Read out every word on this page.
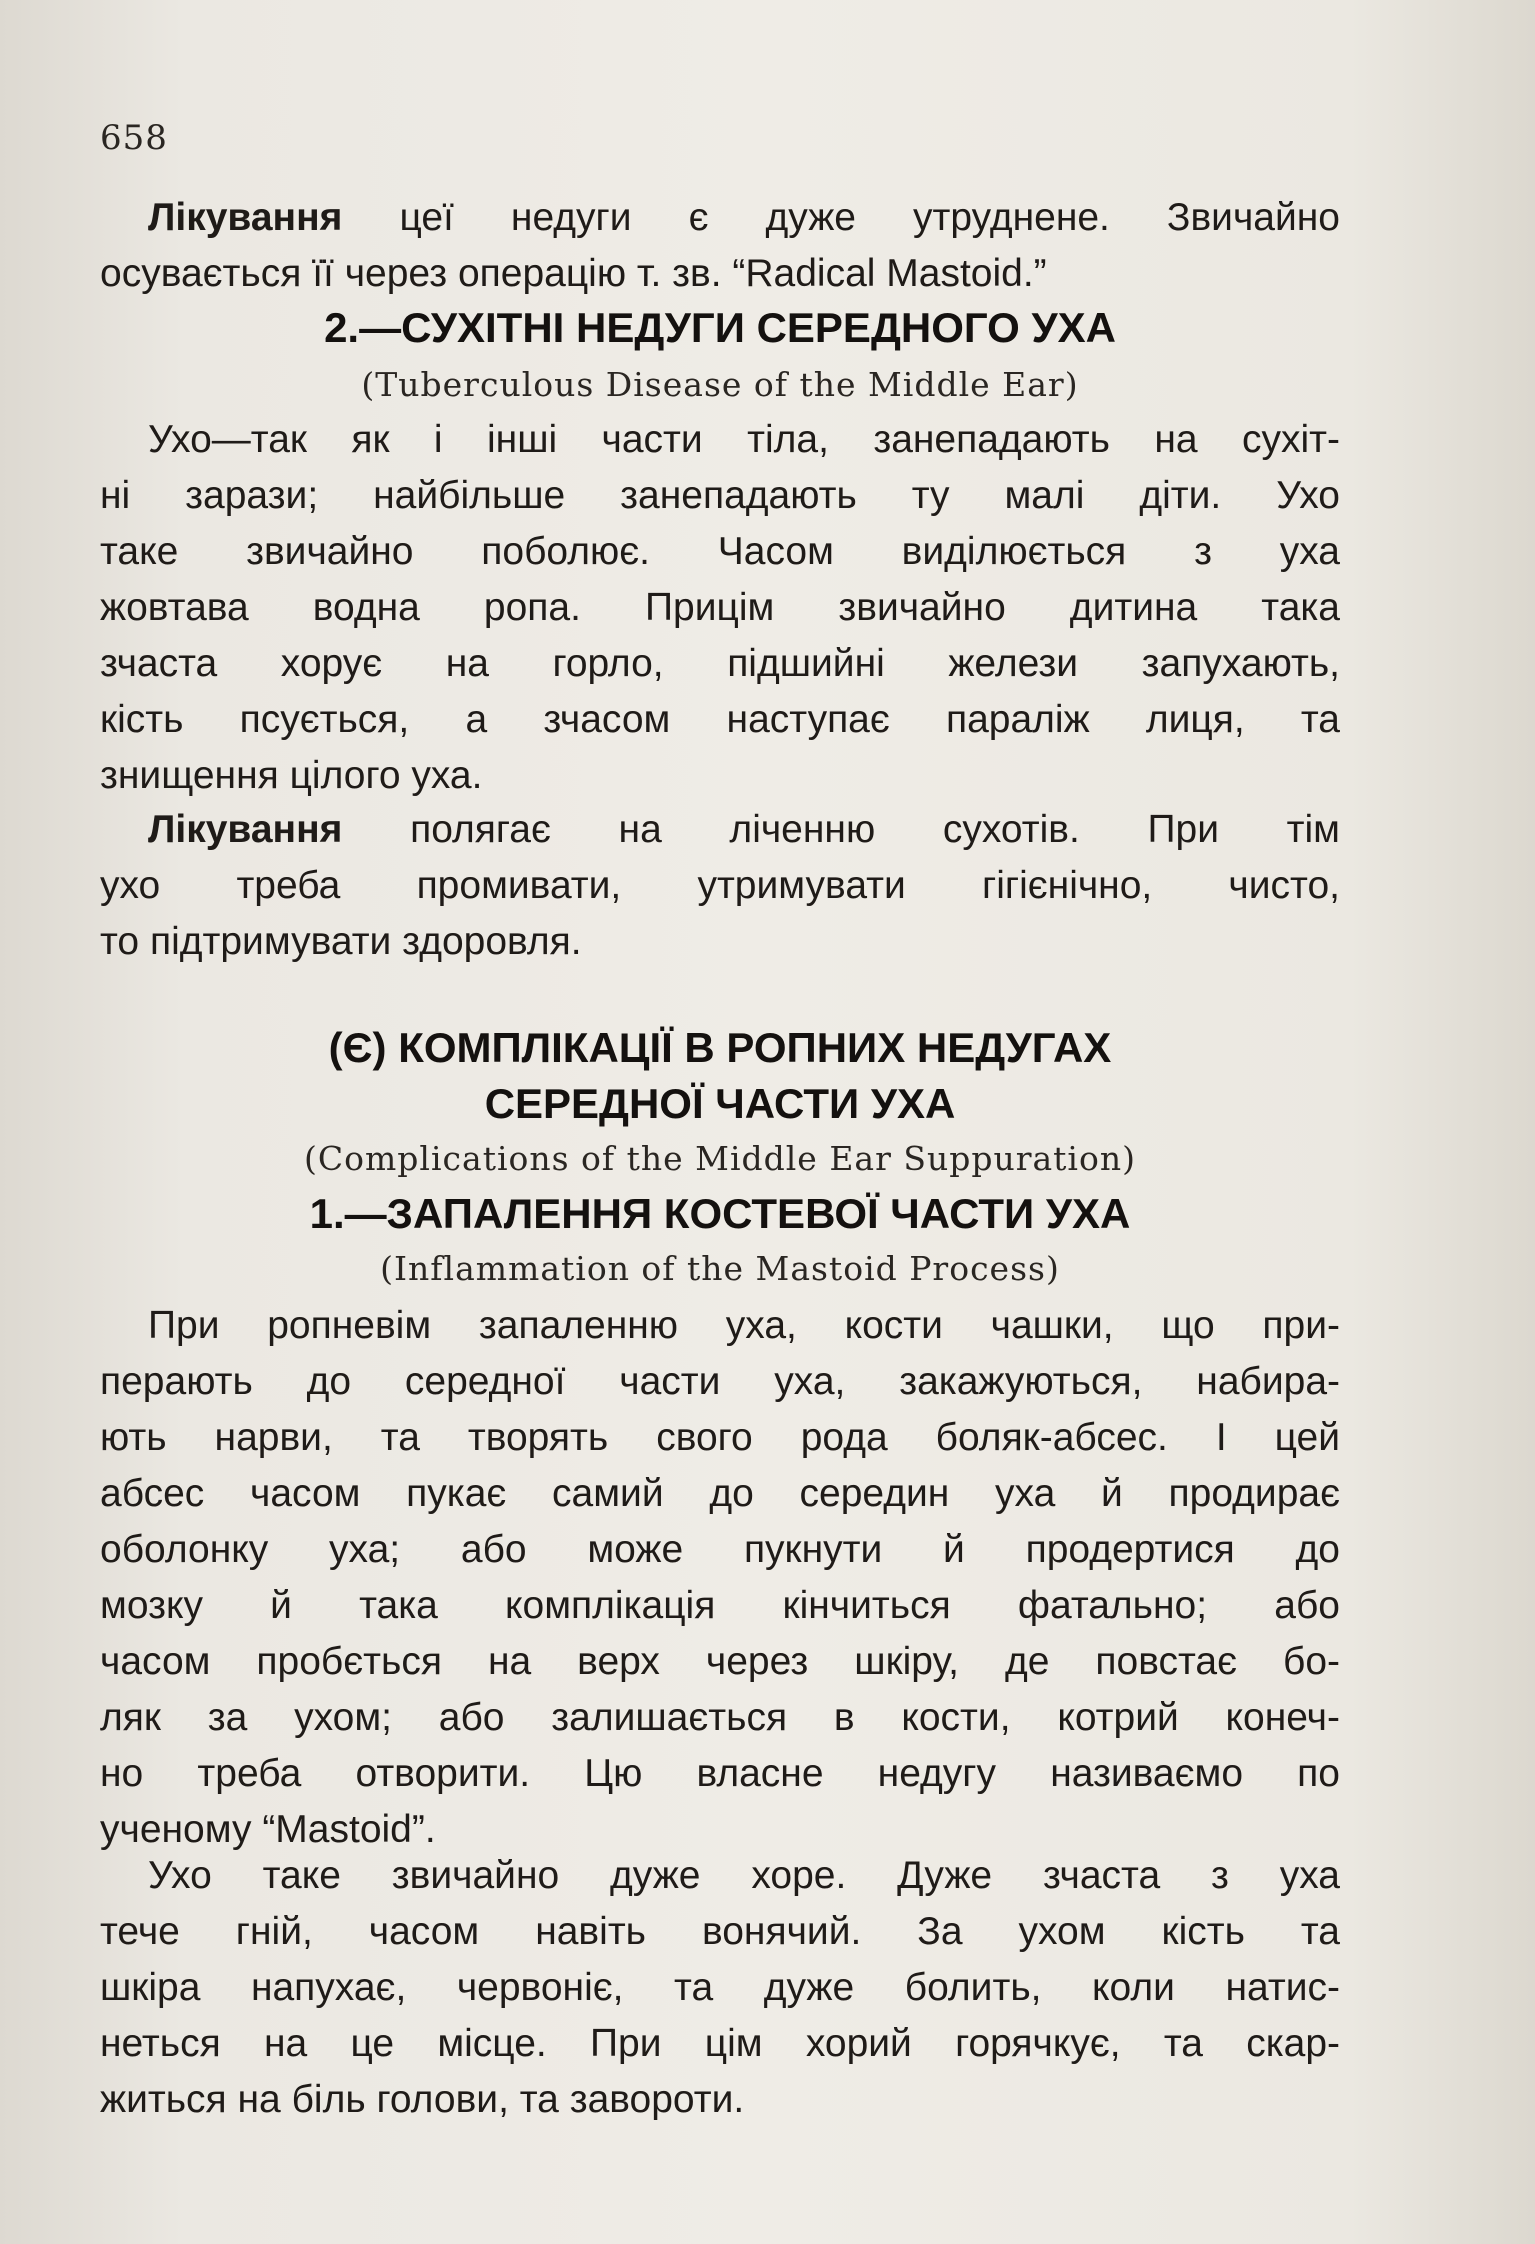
658
Лікування цеї недуги є дуже утруднене. Звичайно
осувається її через операцію т. зв. “Radical Mastoid.”
2.—СУХІТНІ НЕДУГИ СЕРЕДНОГО УХА
(Tuberculous Disease of the Middle Ear)
Ухо—так як і інші части тіла, занепадають на сухіт-
ні зарази; найбільше занепадають ту малі діти. Ухо
таке звичайно поболює. Часом виділюється з уха
жовтава водна ропа. Прицім звичайно дитина така
зчаста хорує на горло, підшийні желези запухають,
кість псується, а зчасом наступає параліж лиця, та
знищення цілого уха.
Лікування полягає на ліченню сухотів. При тім
ухо треба промивати, утримувати гігієнічно, чисто,
то підтримувати здоровля.
(Є) КОМПЛІКАЦІЇ В РОПНИХ НЕДУГАХ
СЕРЕДНОЇ ЧАСТИ УХА
(Complications of the Middle Ear Suppuration)
1.—ЗАПАЛЕННЯ КОСТЕВОЇ ЧАСТИ УХА
(Inflammation of the Mastoid Process)
При ропневім запаленню уха, кости чашки, що при-
перають до середної части уха, закажуються, набира-
ють нарви, та творять свого рода боляк-абсес. І цей
абсес часом пукає самий до середин уха й продирає
оболонку уха; або може пукнути й продертися до
мозку й така комплікація кінчиться фатально; або
часом пробється на верх через шкіру, де повстає бо-
ляк за ухом; або залишається в кости, котрий конеч-
но треба отворити. Цю власне недугу називаємо по
ученому “Mastoid”.
Ухо таке звичайно дуже хоре. Дуже зчаста з уха
тече гній, часом навіть вонячий. За ухом кість та
шкіра напухає, червоніє, та дуже болить, коли натис-
неться на це місце. При цім хорий горячкує, та скар-
житься на біль голови, та завороти.
